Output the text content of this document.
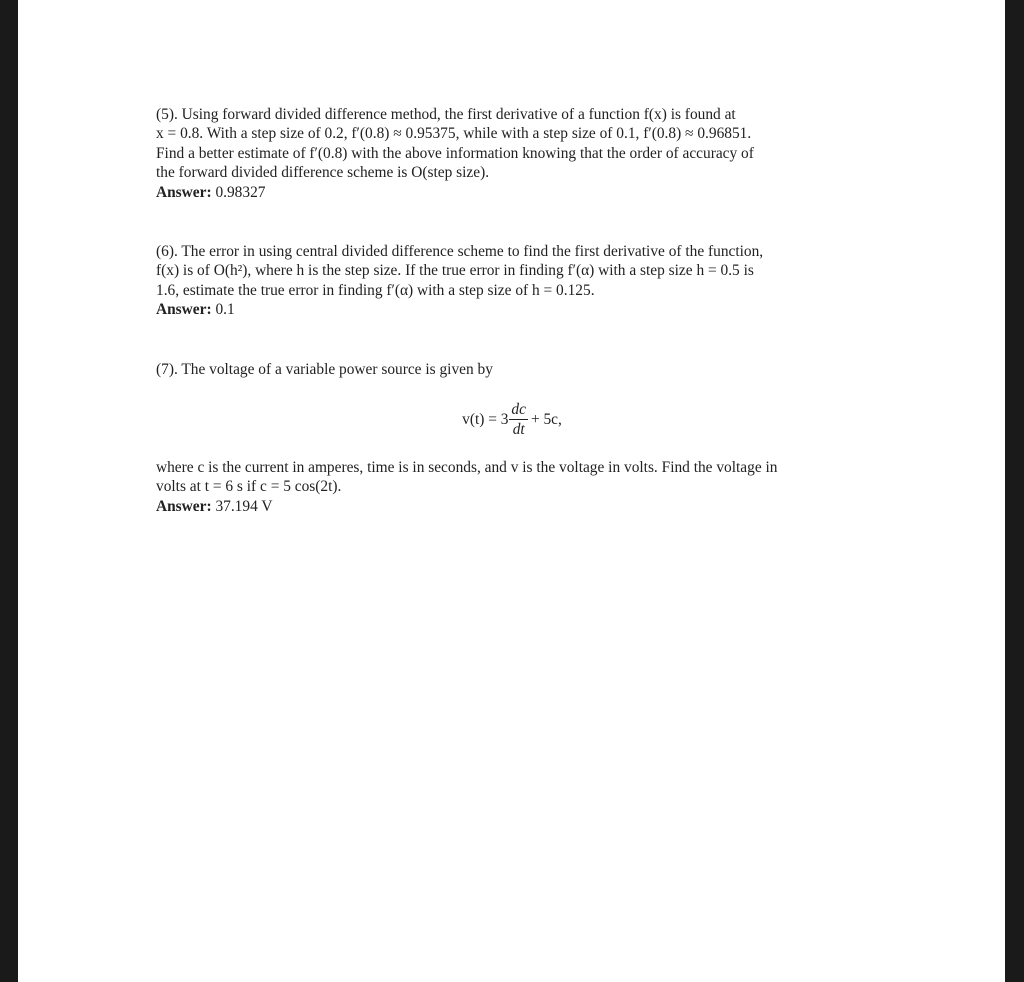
(5). Using forward divided difference method, the first derivative of a function f(x) is found at

x = 0.8. With a step size of 0.2, f′(0.8) ≈ 0.95375, while with a step size of 0.1, f′(0.8) ≈ 0.96851.

Find a better estimate of f′(0.8) with the above information knowing that the order of accuracy of

the forward divided difference scheme is O(step size).

Answer: 0.98327

(6). The error in using central divided difference scheme to find the first derivative of the function,

f(x) is of O(h²), where h is the step size. If the true error in finding f′(α) with a step size h = 0.5 is

1.6, estimate the true error in finding f′(α) with a step size of h = 0.125.

Answer: 0.1

(7). The voltage of a variable power source is given by

$v(t) = 3 \frac{dc}{dt} + 5c$,

where c is the current in amperes, time is in seconds, and v is the voltage in volts. Find the voltage in

volts at t = 6 s if c = 5 cos(2t).

Answer: 37.194 V
